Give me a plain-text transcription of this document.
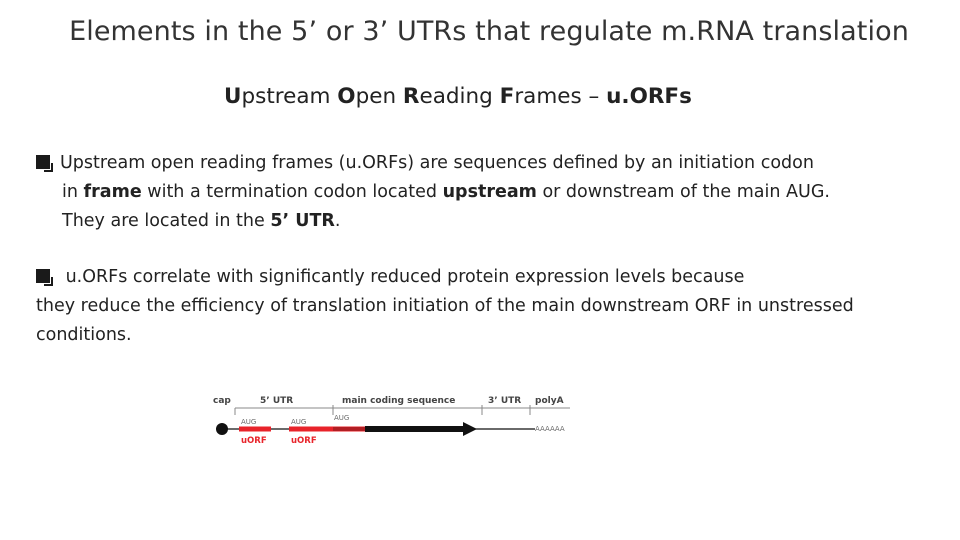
Elements in the 5’ or 3’ UTRs that regulate m.RNA translation
Upstream Open Reading Frames – u.ORFs
Upstream open reading frames (u.ORFs) are sequences defined by an initiation codon
in frame with a termination codon located upstream or downstream of the main AUG.
They are located in the 5’ UTR.
u.ORFs correlate with significantly reduced protein expression levels because
they reduce the efficiency of translation initiation of the main downstream ORF in unstressed
conditions.
cap	5’ UTR	main coding sequence	3’ UTR polyA
AUG	AUG	AUG
AAAAAA
uORF	uORF
